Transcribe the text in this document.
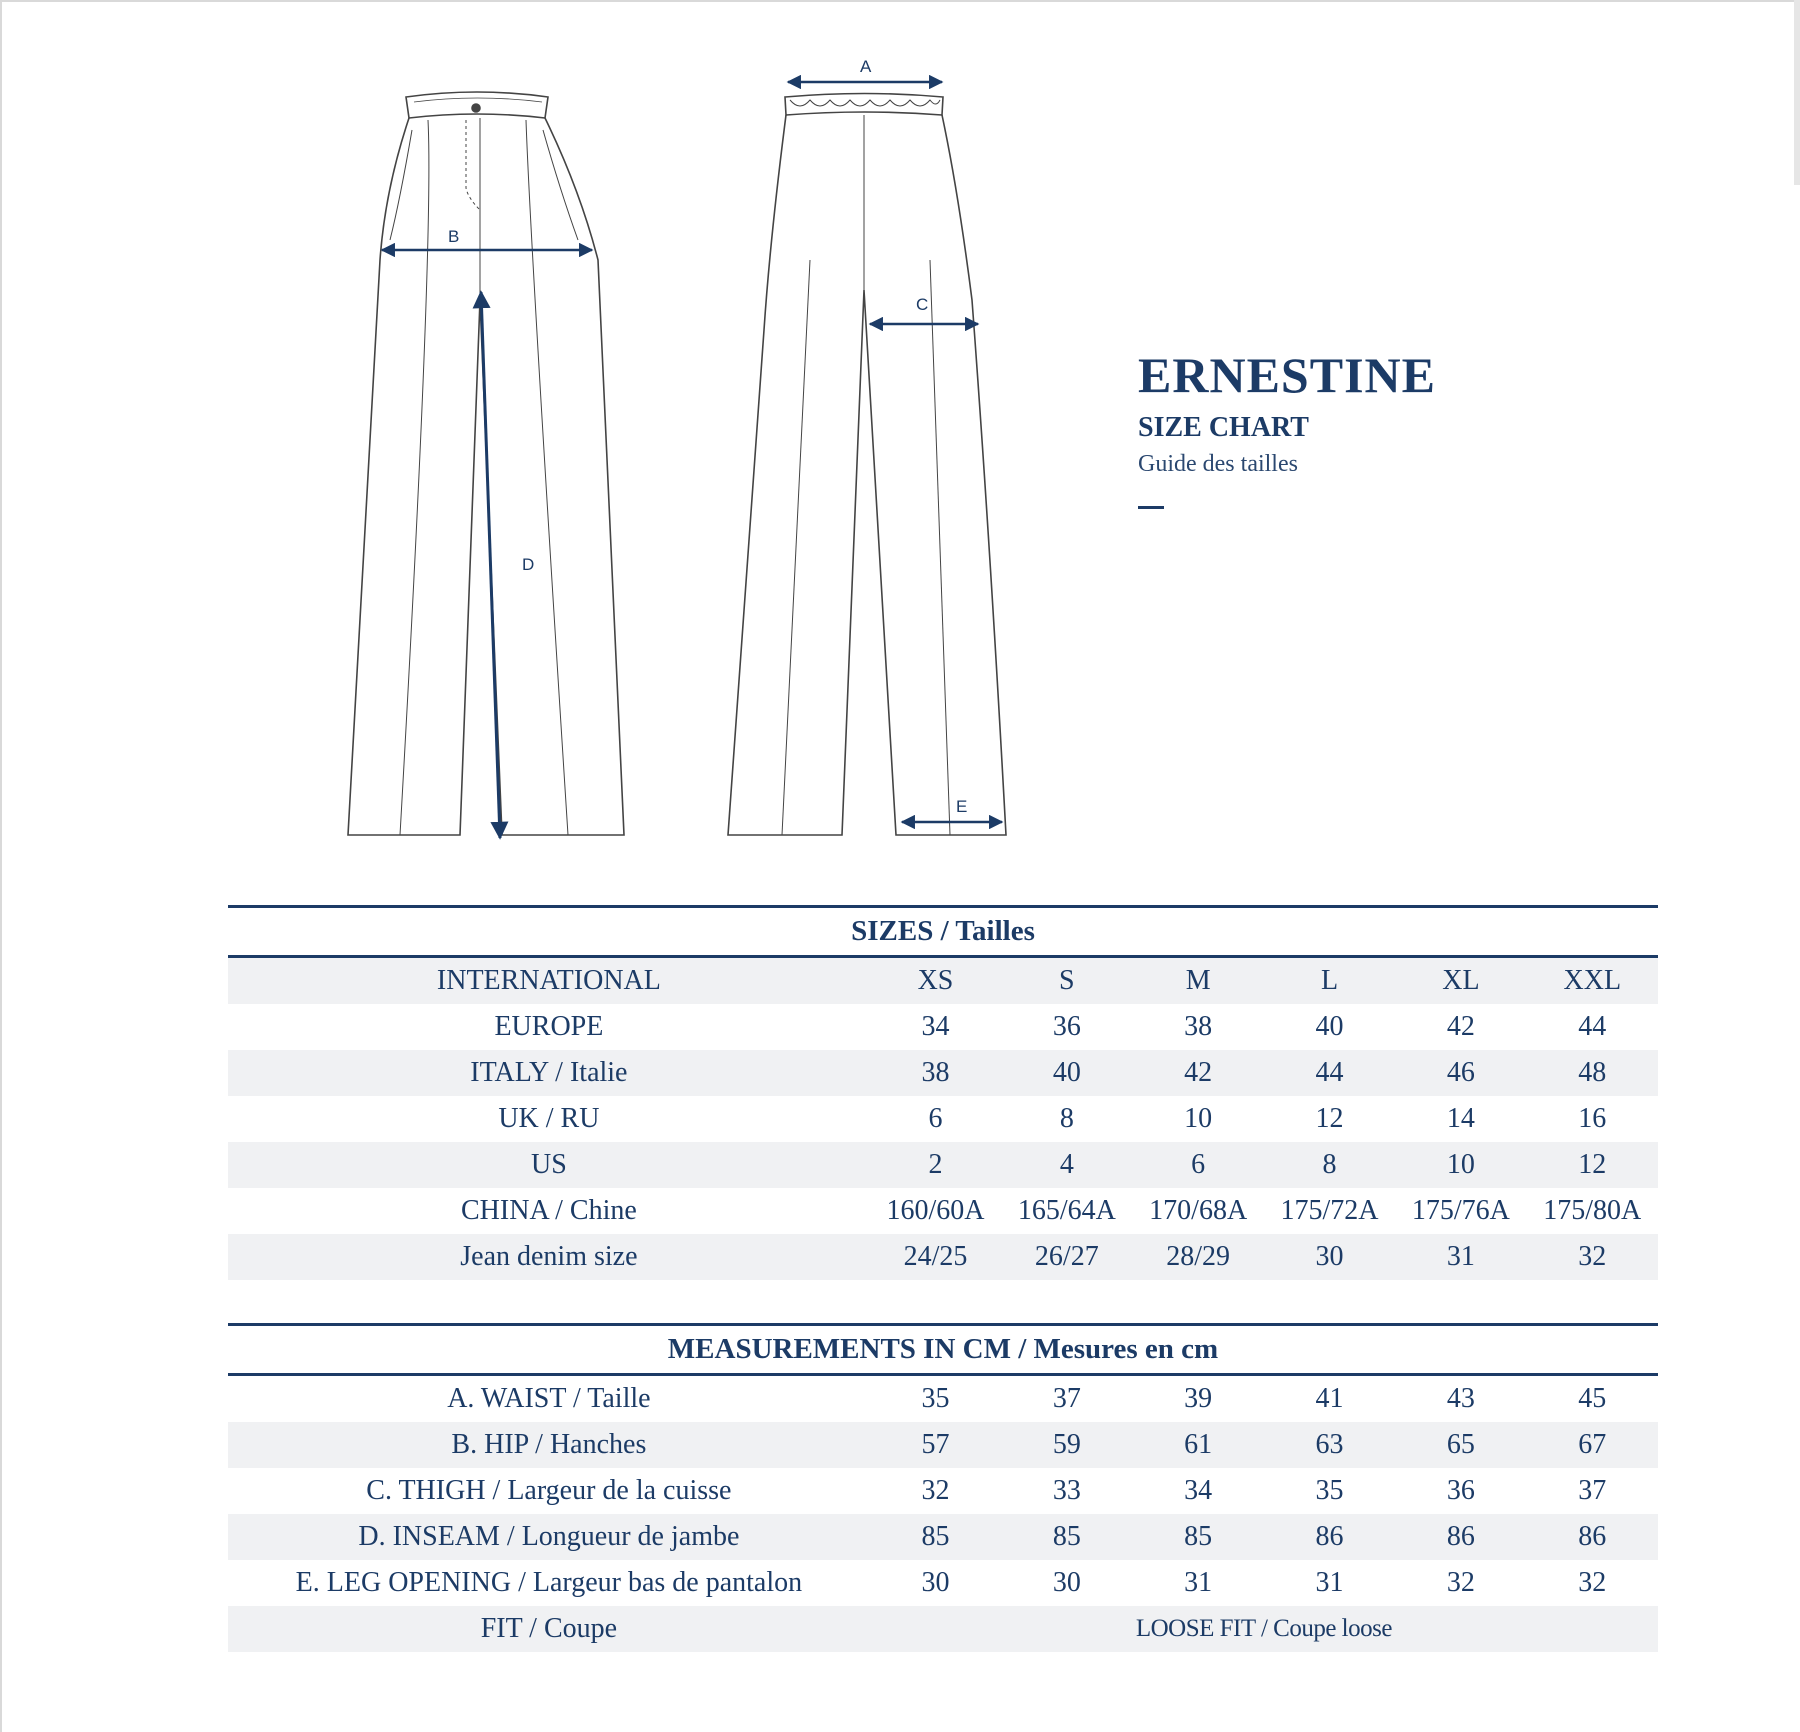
B
D
A
C
E
ERNESTINE
SIZE CHART
Guide des tailles
SIZES / Tailles
INTERNATIONAL	XS	S	M	L	XL	XXL
EUROPE	34	36	38	40	42	44
ITALY / Italie	38	40	42	44	46	48
UK / RU	6	8	10	12	14	16
US	2	4	6	8	10	12
CHINA / Chine	160/60A	165/64A	170/68A	175/72A	175/76A	175/80A
Jean denim size	24/25	26/27	28/29	30	31	32
MEASUREMENTS IN CM / Mesures en cm
A. WAIST / Taille	35	37	39	41	43	45
B. HIP / Hanches	57	59	61	63	65	67
C. THIGH / Largeur de la cuisse	32	33	34	35	36	37
D. INSEAM / Longueur de jambe	85	85	85	86	86	86
E. LEG OPENING / Largeur bas de pantalon	30	30	31	31	32	32
FIT / Coupe	LOOSE FIT / Coupe loose					
